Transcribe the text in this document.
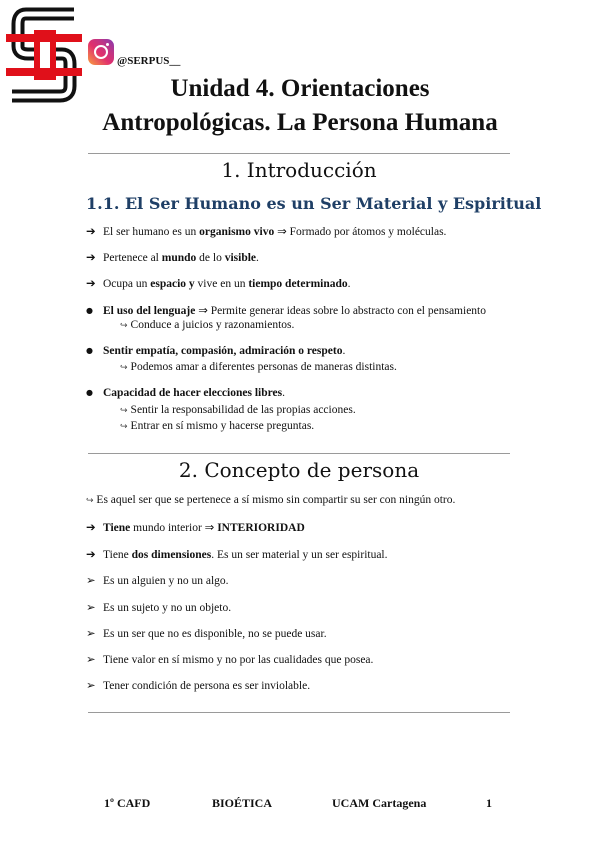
@SERPUS__
Unidad 4. Orientaciones
Antropológicas. La Persona Humana
1. Introducción
1.1. El Ser Humano es un Ser Material y Espiritual
➔ El ser humano es un organismo vivo ⇒ Formado por átomos y moléculas.
➔ Pertenece al mundo de lo visible.
➔ Ocupa un espacio y vive en un tiempo determinado.
● El uso del lenguaje ⇒ Permite generar ideas sobre lo abstracto con el pensamiento
● Sentir empatía, compasión, admiración o respeto.
● Capacidad de hacer elecciones libres.
↪ Conduce a juicios y razonamientos.
↪ Podemos amar a diferentes personas de maneras distintas.
↪ Sentir la responsabilidad de las propias acciones.
↪ Entrar en sí mismo y hacerse preguntas.
2. Concepto de persona
↪ Es aquel ser que se pertenece a sí mismo sin compartir su ser con ningún otro.
➔ Tiene mundo interior ⇒ INTERIORIDAD
➔ Tiene dos dimensiones. Es un ser material y un ser espiritual.
➢ Es un alguien y no un algo.
➢ Es un sujeto y no un objeto.
➢ Es un ser que no es disponible, no se puede usar.
➢ Tiene valor en sí mismo y no por las cualidades que posea.
➢ Tener condición de persona es ser inviolable.
1º CAFD	BIOÉTICA	UCAM Cartagena	1
